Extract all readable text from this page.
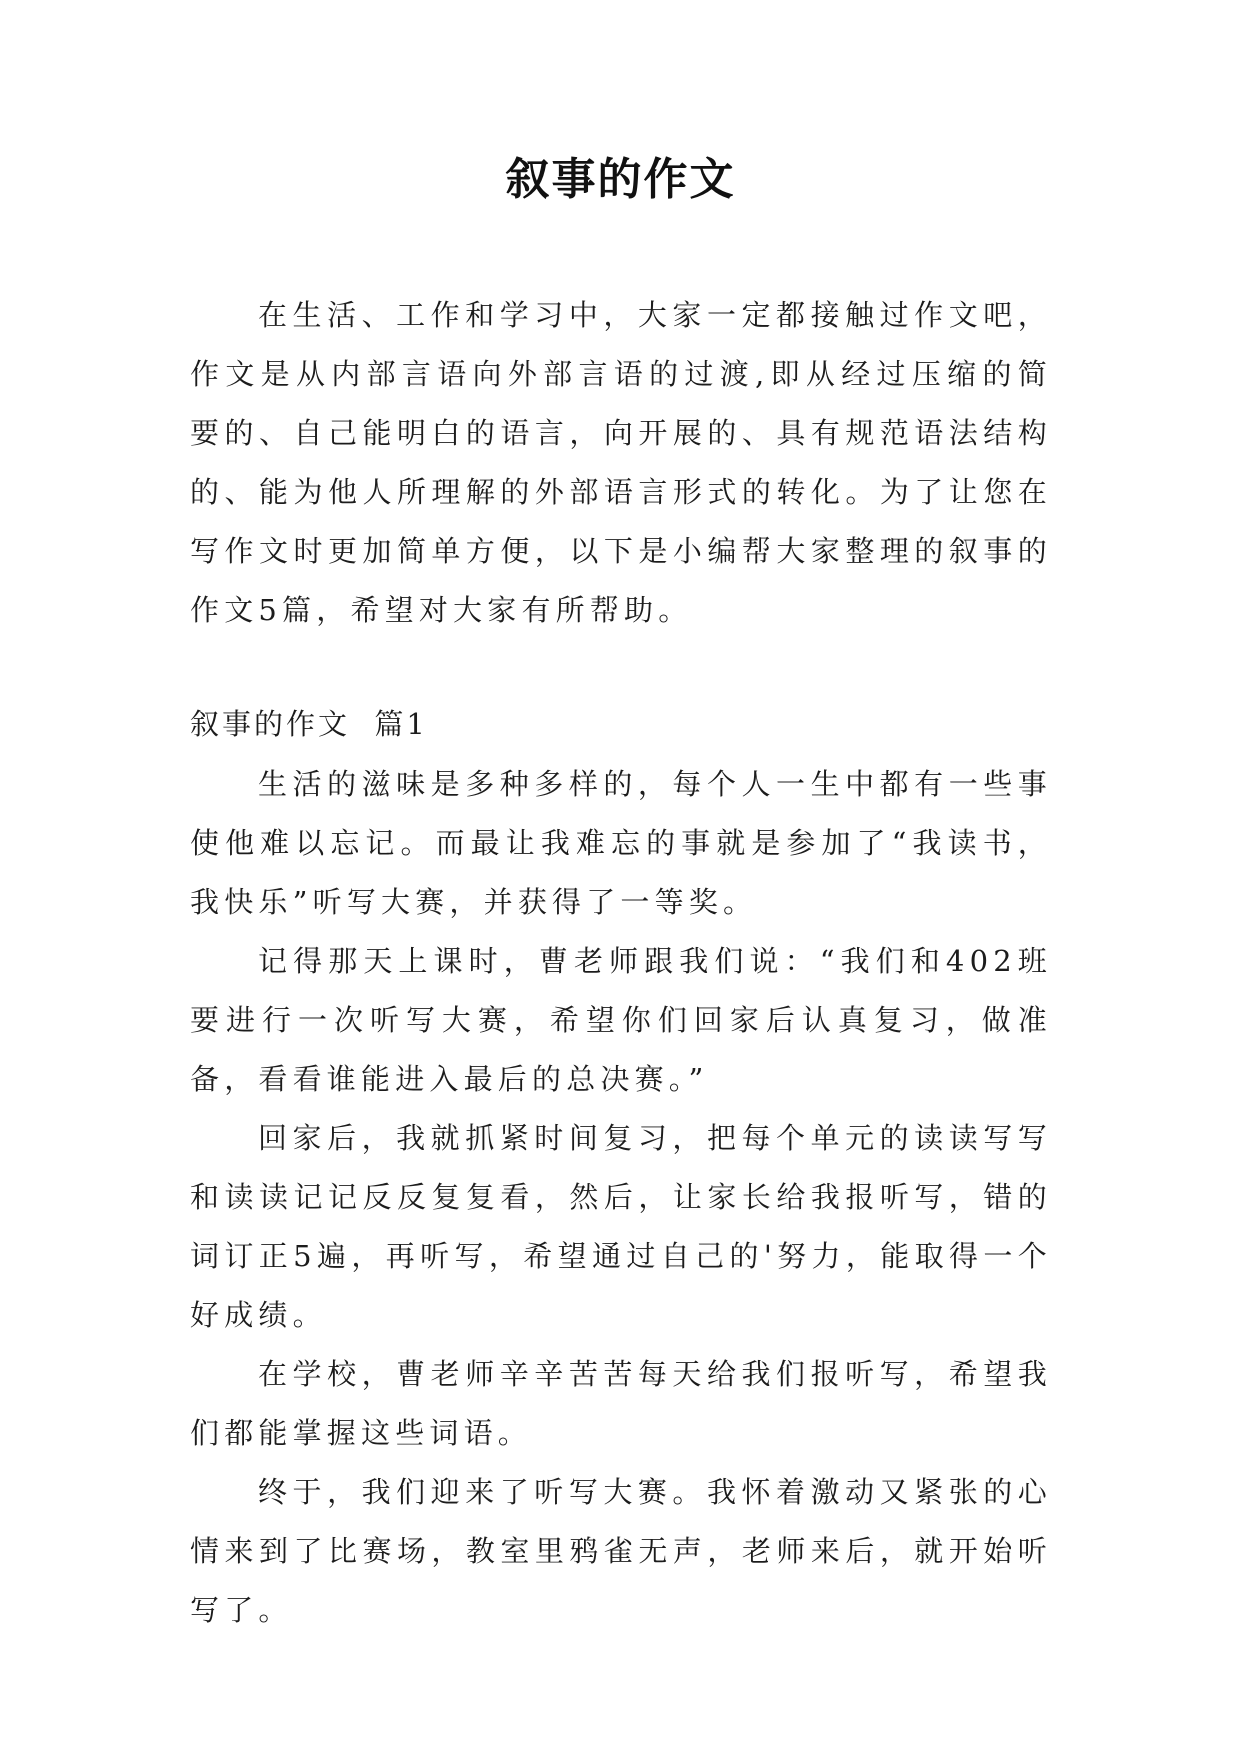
叙事的作文

在生活、工作和学习中，大家一定都接触过作文吧，作文是从内部言语向外部言语的过渡,即从经过压缩的简要的、自己能明白的语言，向开展的、具有规范语法结构的、能为他人所理解的外部语言形式的转化。为了让您在写作文时更加简单方便，以下是小编帮大家整理的叙事的作文5篇，希望对大家有所帮助。

叙事的作文  篇1

生活的滋味是多种多样的，每个人一生中都有一些事使他难以忘记。而最让我难忘的事就是参加了“我读书，我快乐”听写大赛，并获得了一等奖。

记得那天上课时，曹老师跟我们说：“我们和402班要进行一次听写大赛，希望你们回家后认真复习，做准备，看看谁能进入最后的总决赛。”

回家后，我就抓紧时间复习，把每个单元的读读写写和读读记记反反复复看，然后，让家长给我报听写，错的词订正5遍，再听写，希望通过自己的'努力，能取得一个好成绩。

在学校，曹老师辛辛苦苦每天给我们报听写，希望我们都能掌握这些词语。

终于，我们迎来了听写大赛。我怀着激动又紧张的心情来到了比赛场，教室里鸦雀无声，老师来后，就开始听写了。
